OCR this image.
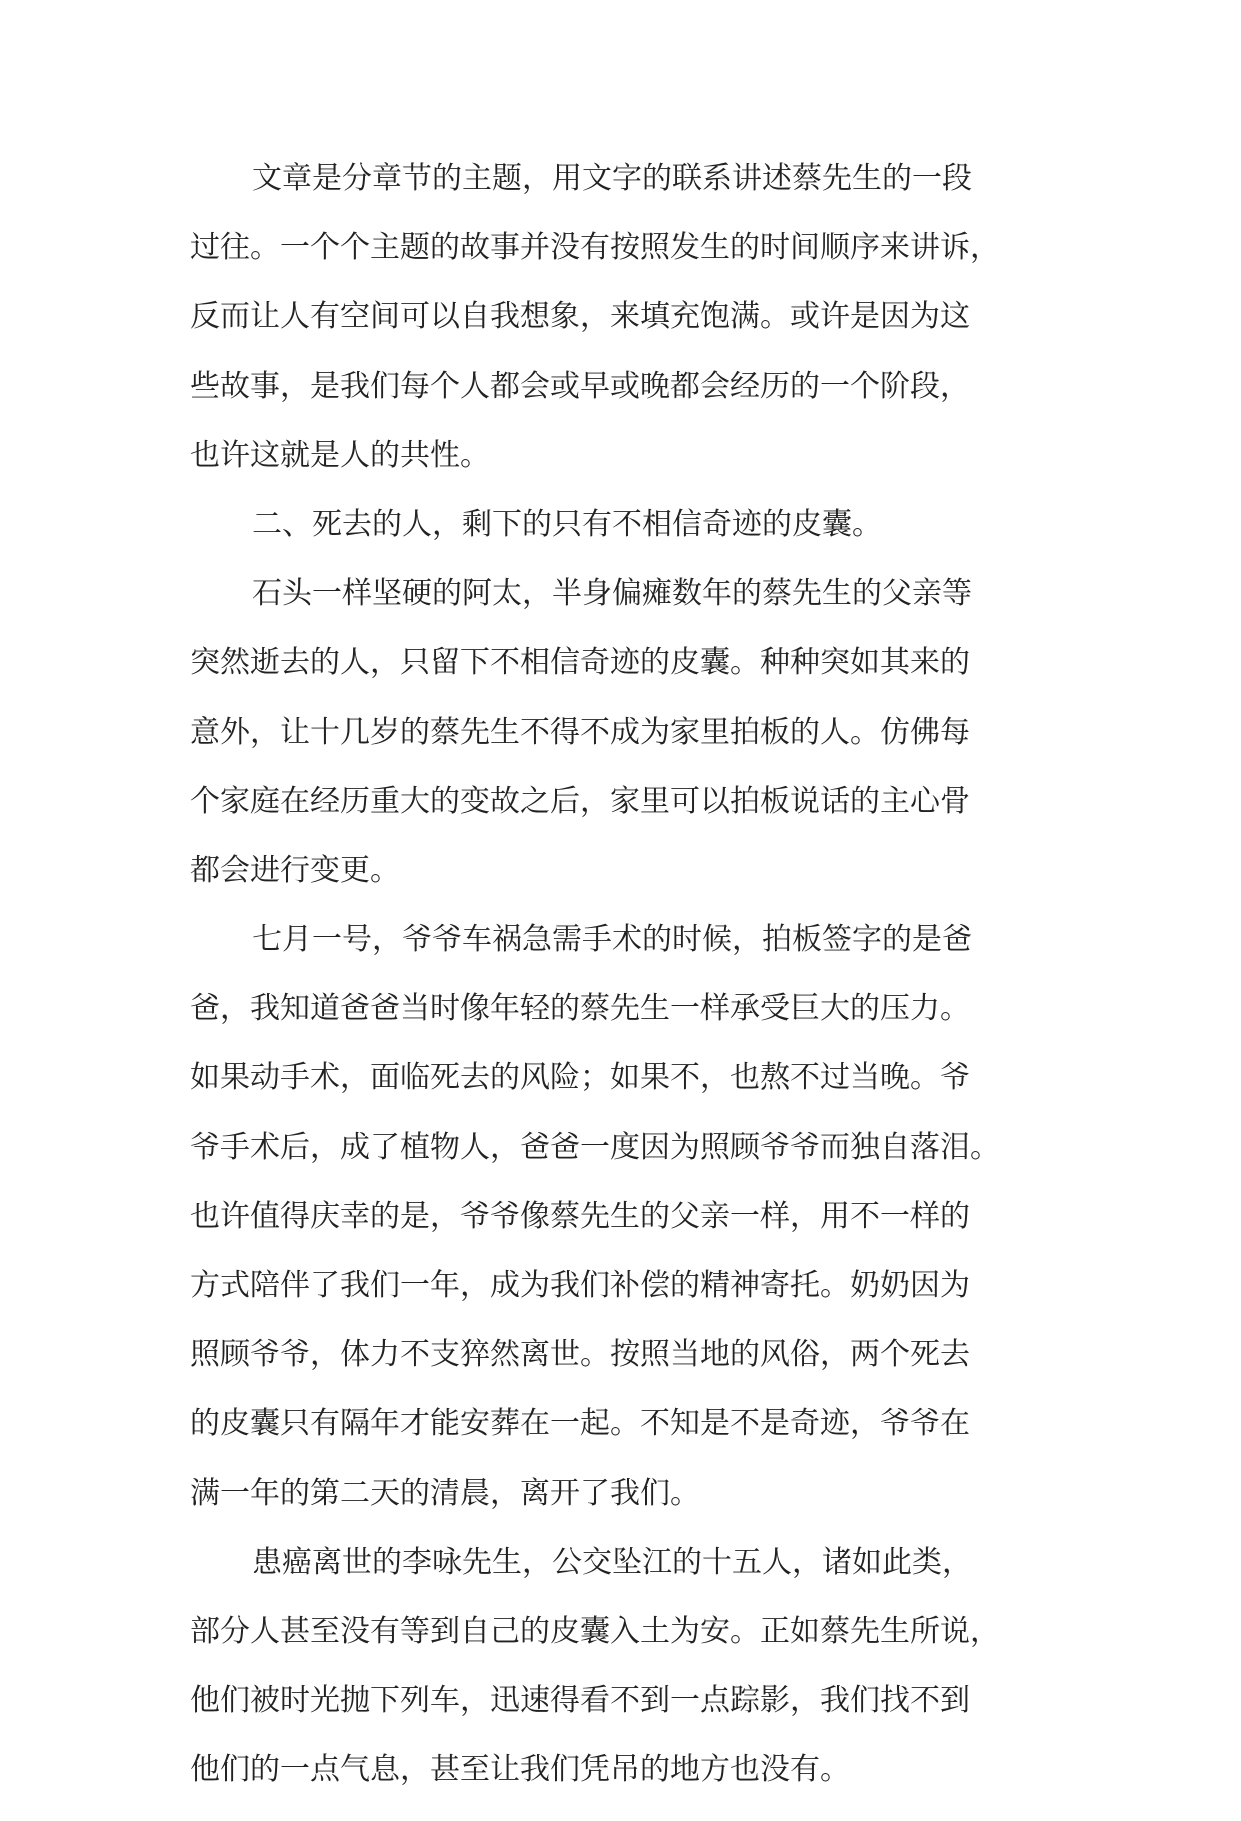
文章是分章节的主题，用文字的联系讲述蔡先生的一段
过往。一个个主题的故事并没有按照发生的时间顺序来讲诉，
反而让人有空间可以自我想象，来填充饱满。或许是因为这
些故事，是我们每个人都会或早或晚都会经历的一个阶段，
也许这就是人的共性。
二、死去的人，剩下的只有不相信奇迹的皮囊。
石头一样坚硬的阿太，半身偏瘫数年的蔡先生的父亲等
突然逝去的人，只留下不相信奇迹的皮囊。种种突如其来的
意外，让十几岁的蔡先生不得不成为家里拍板的人。仿佛每
个家庭在经历重大的变故之后，家里可以拍板说话的主心骨
都会进行变更。
七月一号，爷爷车祸急需手术的时候，拍板签字的是爸
爸，我知道爸爸当时像年轻的蔡先生一样承受巨大的压力。
如果动手术，面临死去的风险；如果不，也熬不过当晚。爷
爷手术后，成了植物人，爸爸一度因为照顾爷爷而独自落泪。
也许值得庆幸的是，爷爷像蔡先生的父亲一样，用不一样的
方式陪伴了我们一年，成为我们补偿的精神寄托。奶奶因为
照顾爷爷，体力不支猝然离世。按照当地的风俗，两个死去
的皮囊只有隔年才能安葬在一起。不知是不是奇迹，爷爷在
满一年的第二天的清晨，离开了我们。
患癌离世的李咏先生，公交坠江的十五人，诸如此类，
部分人甚至没有等到自己的皮囊入土为安。正如蔡先生所说，
他们被时光抛下列车，迅速得看不到一点踪影，我们找不到
他们的一点气息，甚至让我们凭吊的地方也没有。
